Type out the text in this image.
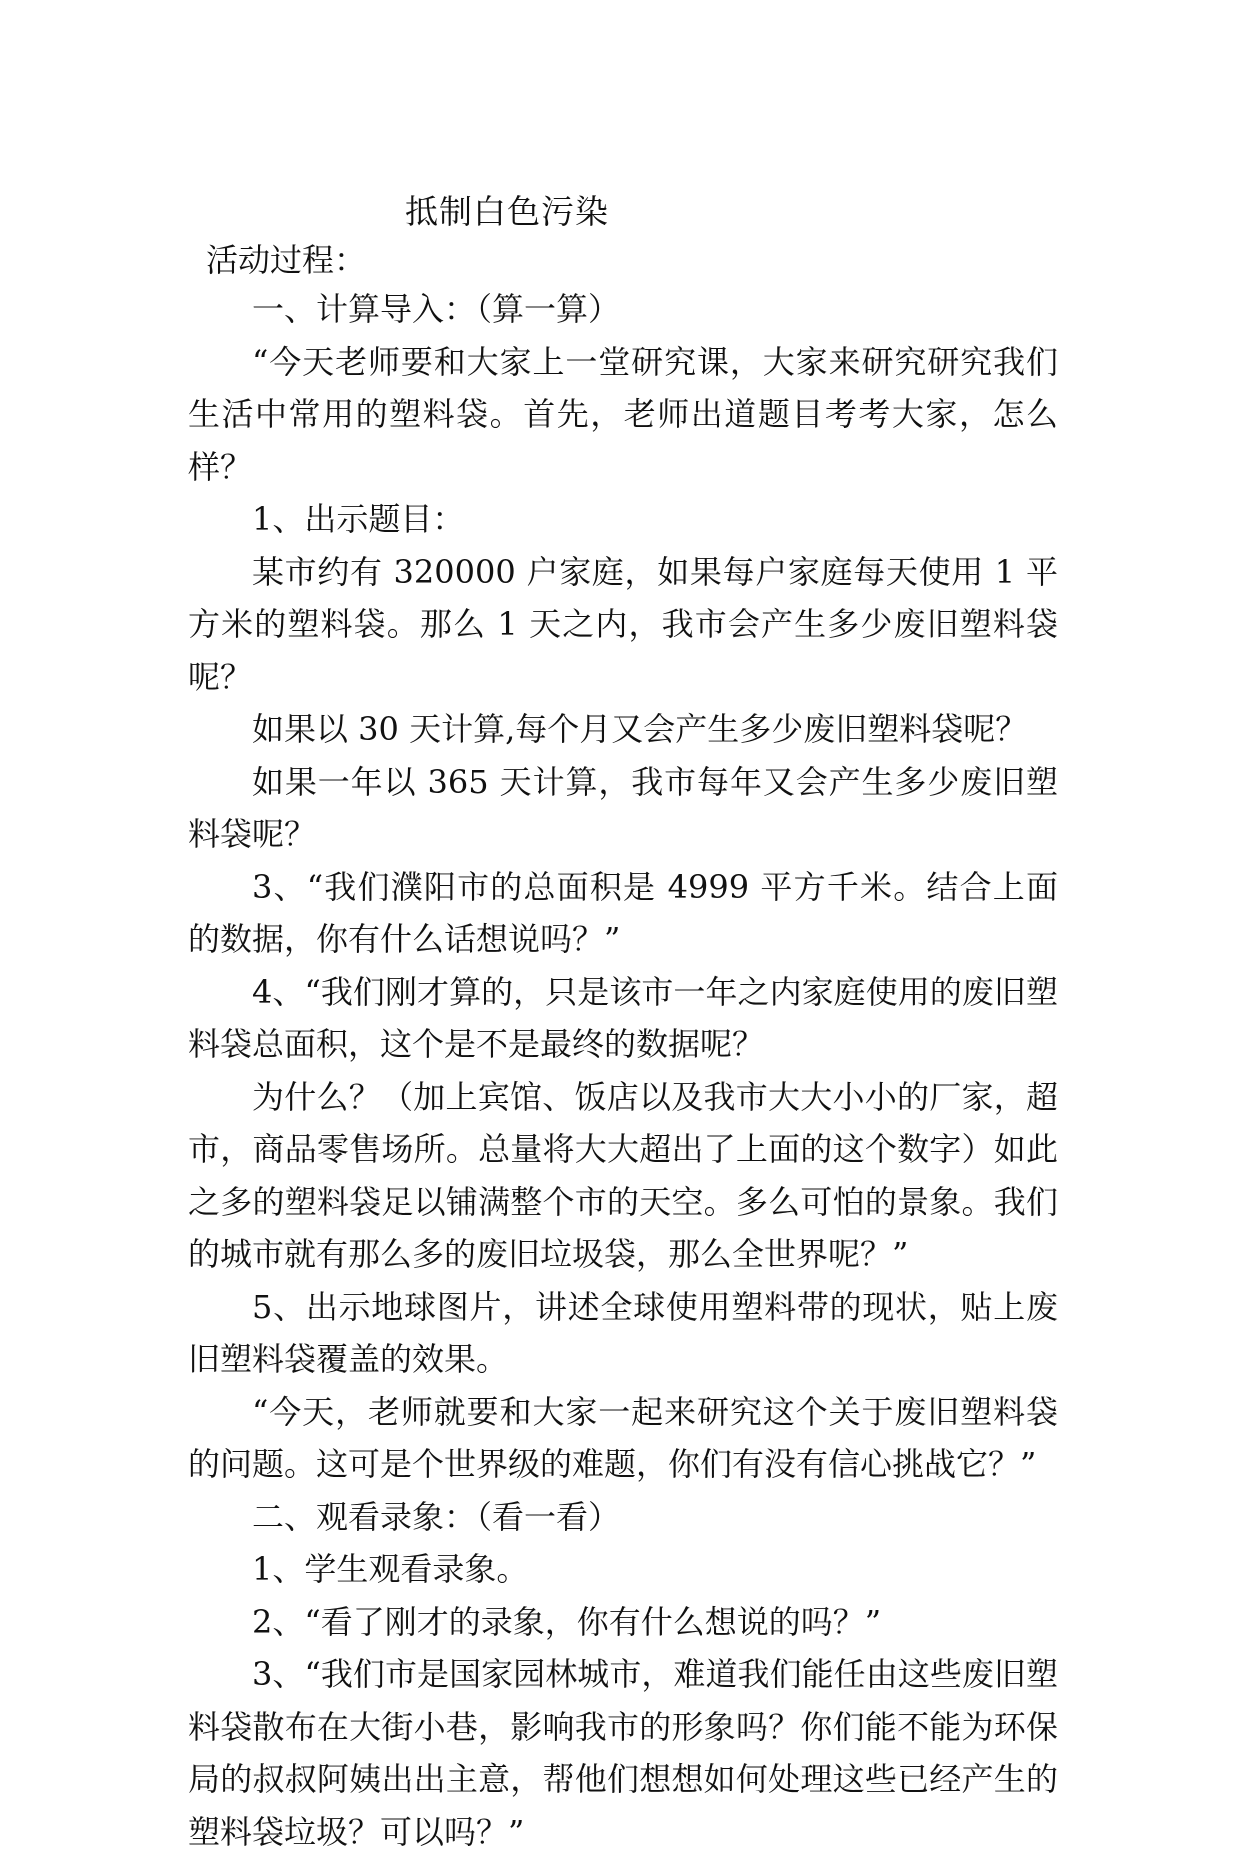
抵制白色污染
活动过程：

一、计算导入：（算一算）

“今天老师要和大家上一堂研究课，大家来研究研究我们生活中常用的塑料袋。首先，老师出道题目考考大家，怎么样？

1、出示题目：

某市约有 320000 户家庭，如果每户家庭每天使用 1 平方米的塑料袋。那么 1 天之内，我市会产生多少废旧塑料袋呢？

如果以 30 天计算,每个月又会产生多少废旧塑料袋呢？

如果一年以 365 天计算，我市每年又会产生多少废旧塑料袋呢？

3、“我们濮阳市的总面积是 4999 平方千米。结合上面的数据，你有什么话想说吗？”

4、“我们刚才算的，只是该市一年之内家庭使用的废旧塑料袋总面积，这个是不是最终的数据呢？

为什么？（加上宾馆、饭店以及我市大大小小的厂家，超市，商品零售场所。总量将大大超出了上面的这个数字）如此之多的塑料袋足以铺满整个市的天空。多么可怕的景象。我们的城市就有那么多的废旧垃圾袋，那么全世界呢？”

5、出示地球图片，讲述全球使用塑料带的现状，贴上废旧塑料袋覆盖的效果。

“今天，老师就要和大家一起来研究这个关于废旧塑料袋的问题。这可是个世界级的难题，你们有没有信心挑战它？”

二、观看录象：（看一看）

1、学生观看录象。

2、“看了刚才的录象，你有什么想说的吗？”

3、“我们市是国家园林城市，难道我们能任由这些废旧塑料袋散布在大街小巷，影响我市的形象吗？你们能不能为环保局的叔叔阿姨出出主意，帮他们想想如何处理这些已经产生的塑料袋垃圾？可以吗？”
